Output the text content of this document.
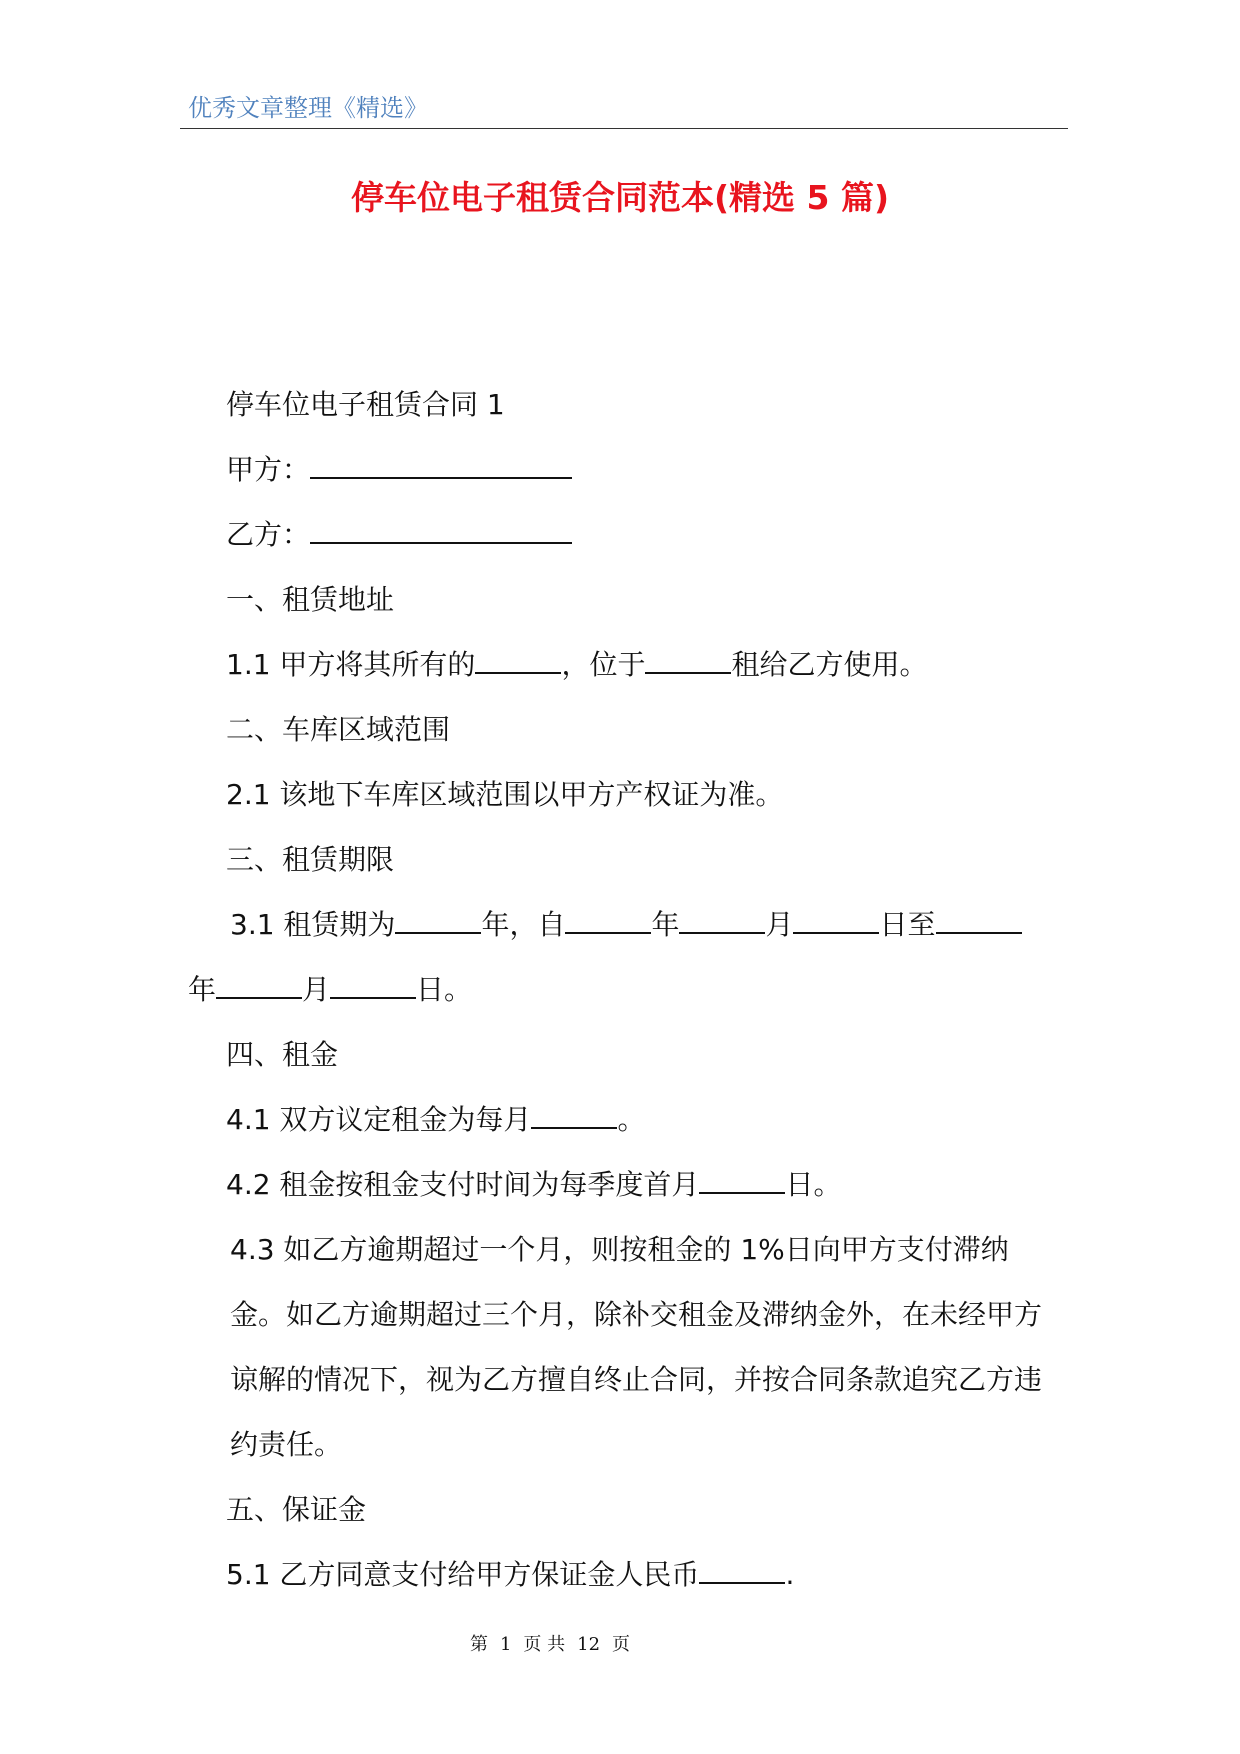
优秀文章整理《精选》
停车位电子租赁合同范本(精选 5 篇)

停车位电子租赁合同 1

甲方：

乙方：

一、租赁地址

1.1 甲方将其所有的	，位于	租给乙方使用。

二、车库区域范围

2.1 该地下车库区域范围以甲方产权证为准。

三、租赁期限

3.1 租赁期为	年，自	年	月	日至

年	月	日。

四、租金

4.1 双方议定租金为每月	。

4.2 租金按租金支付时间为每季度首月	日。

4.3 如乙方逾期超过一个月，则按租金的 1%日向甲方支付滞纳金。如乙方逾期超过三个月，除补交租金及滞纳金外，在未经甲方谅解的情况下，视为乙方擅自终止合同，并按合同条款追究乙方违约责任。

五、保证金

5.1 乙方同意支付给甲方保证金人民币	.

第 1 页 共 12 页
